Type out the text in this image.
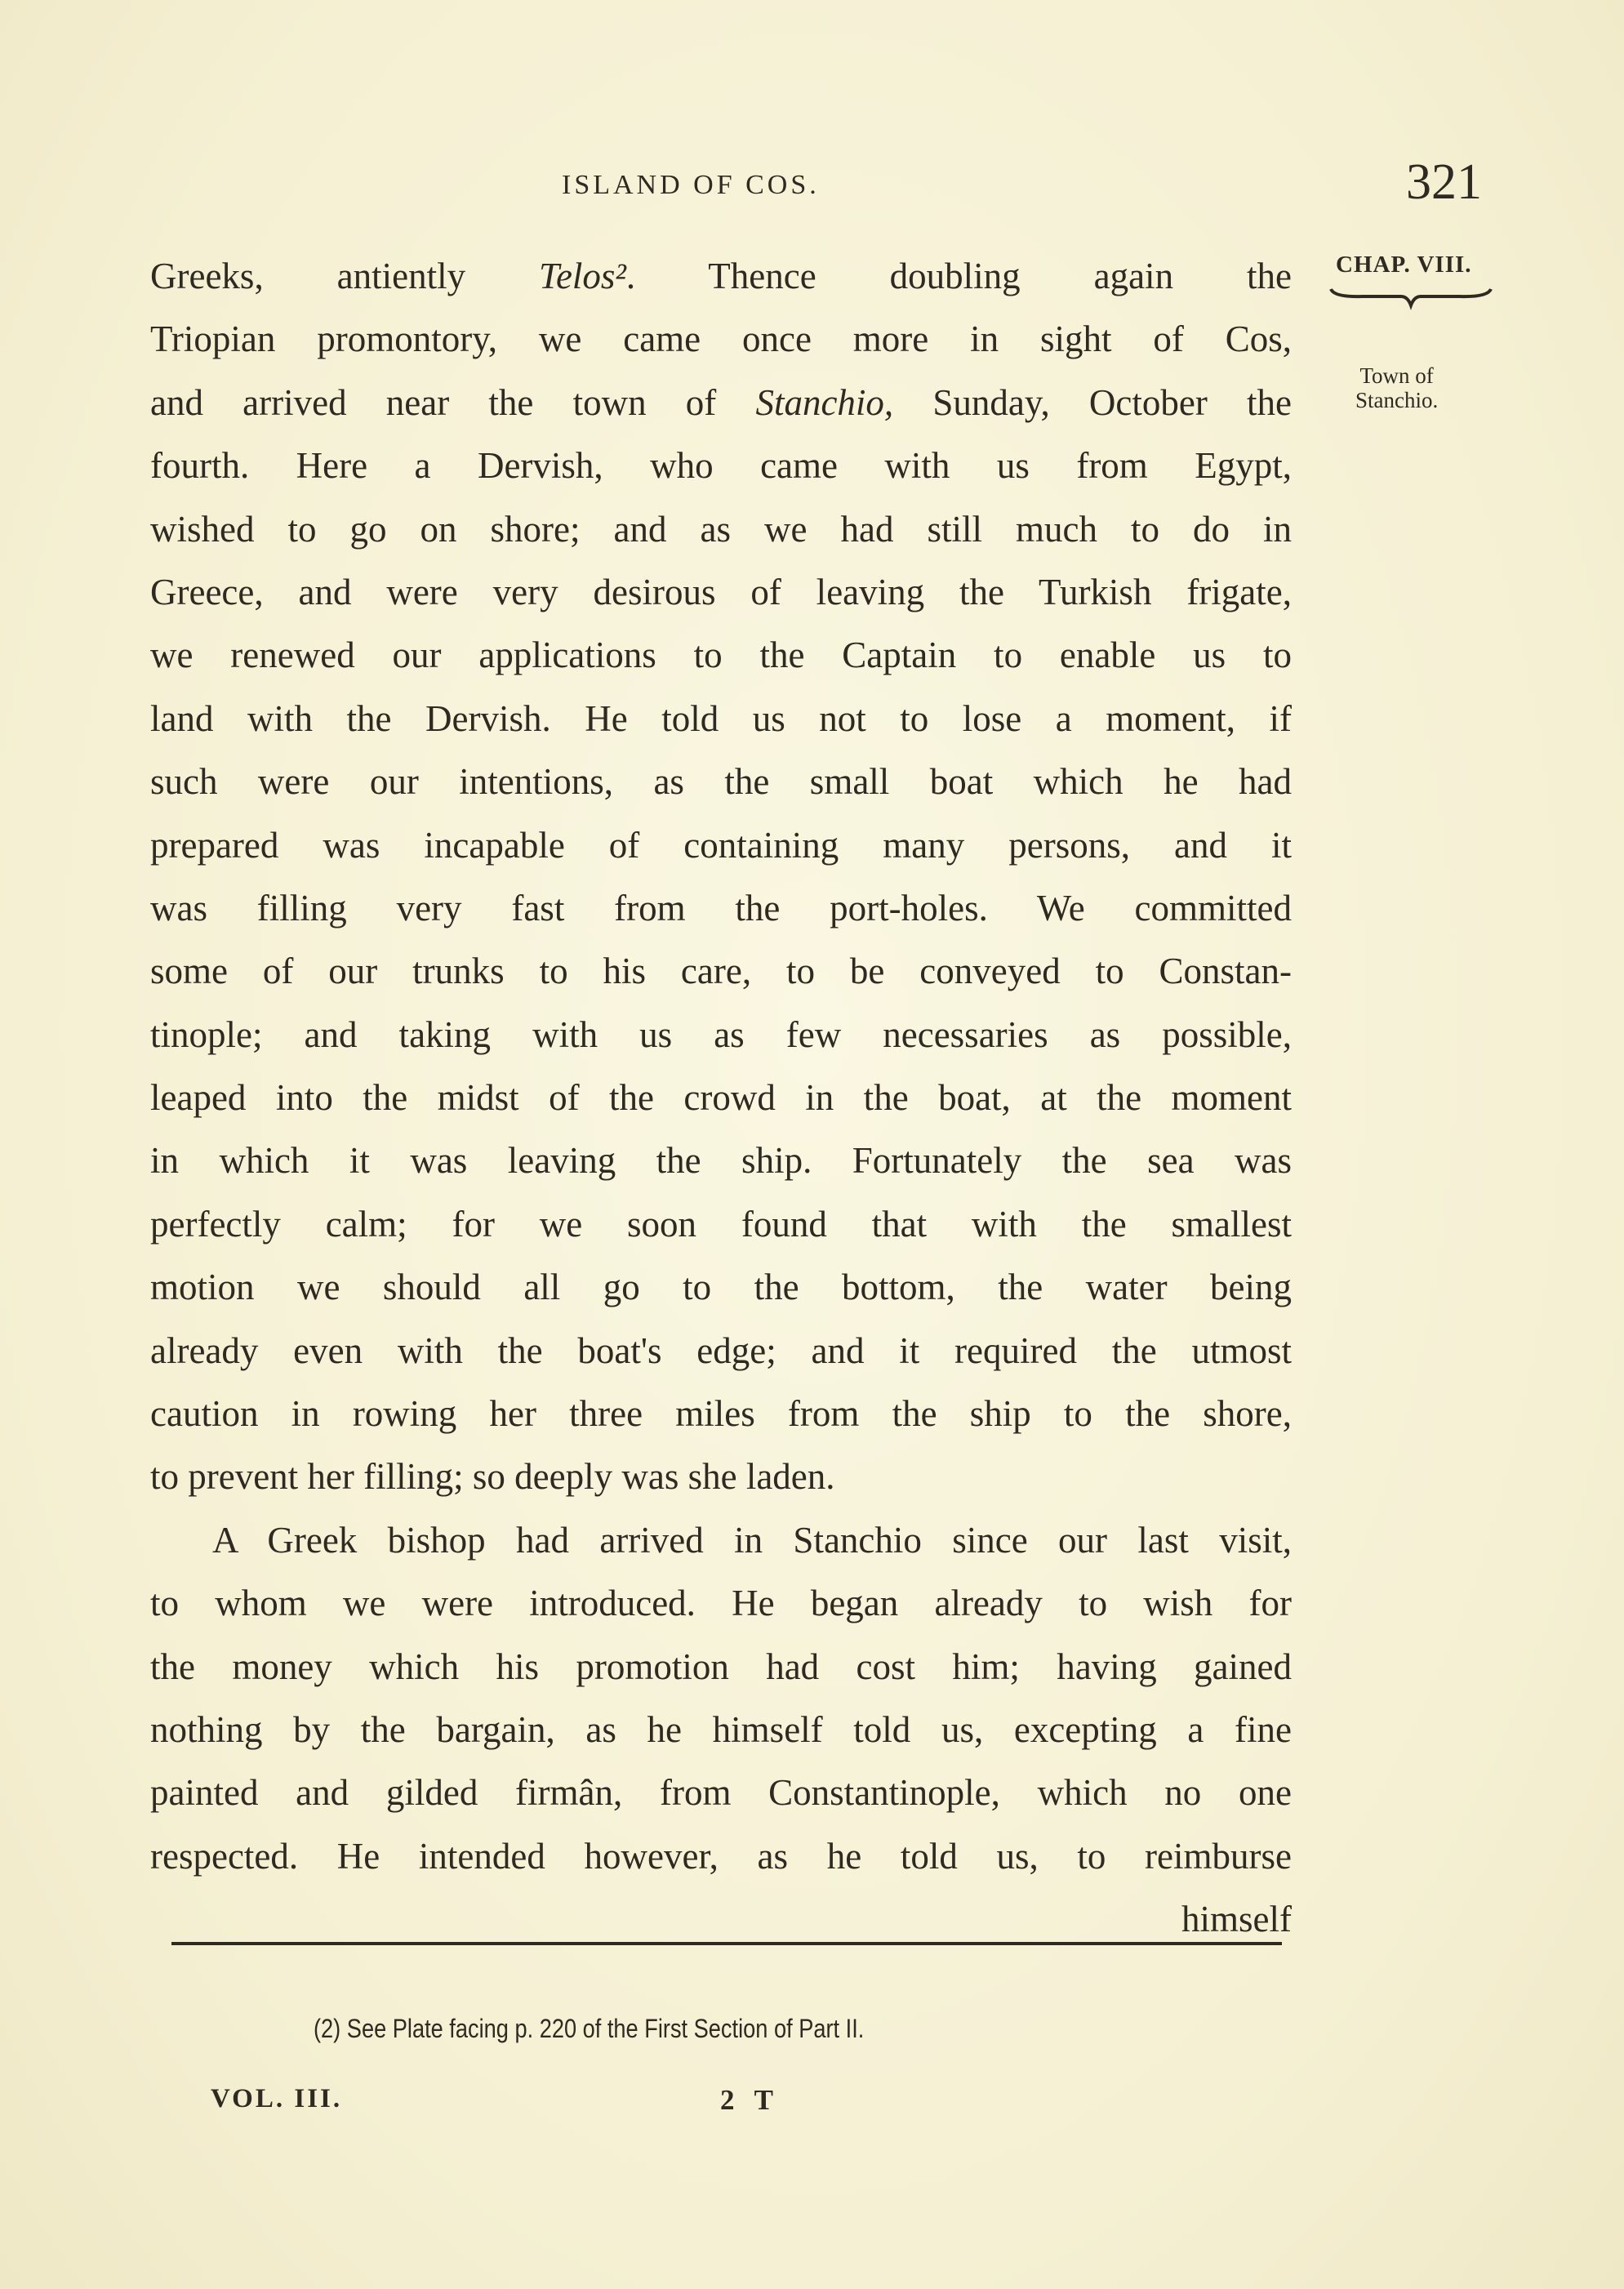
ISLAND OF COS.	321
CHAP. VIII.
Town of
Stanchio.
Greeks, antiently Telos². Thence doubling again the
Triopian promontory, we came once more in sight of Cos,
and arrived near the town of Stanchio, Sunday, October the
fourth. Here a Dervish, who came with us from Egypt,
wished to go on shore; and as we had still much to do in
Greece, and were very desirous of leaving the Turkish frigate,
we renewed our applications to the Captain to enable us to
land with the Dervish. He told us not to lose a moment, if
such were our intentions, as the small boat which he had
prepared was incapable of containing many persons, and it
was filling very fast from the port-holes. We committed
some of our trunks to his care, to be conveyed to Constan-
tinople; and taking with us as few necessaries as possible,
leaped into the midst of the crowd in the boat, at the moment
in which it was leaving the ship. Fortunately the sea was
perfectly calm; for we soon found that with the smallest
motion we should all go to the bottom, the water being
already even with the boat's edge; and it required the utmost
caution in rowing her three miles from the ship to the shore,
to prevent her filling; so deeply was she laden.
A Greek bishop had arrived in Stanchio since our last visit,
to whom we were introduced. He began already to wish for
the money which his promotion had cost him; having gained
nothing by the bargain, as he himself told us, excepting a fine
painted and gilded firmân, from Constantinople, which no one
respected. He intended however, as he told us, to reimburse
himself
(2) See Plate facing p. 220 of the First Section of Part II.
VOL. III.	2 T
